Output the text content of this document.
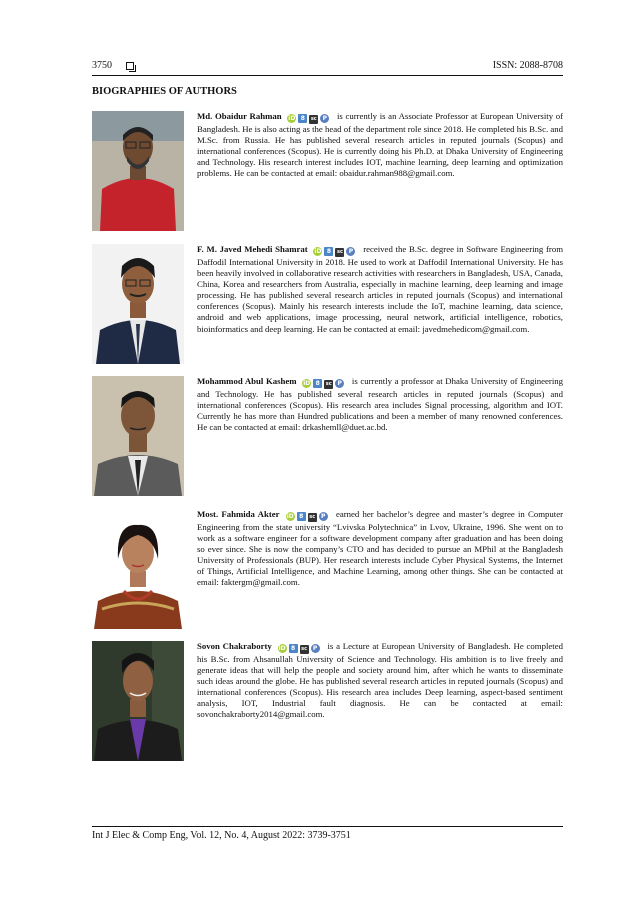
3750	ISSN: 2088-8708
BIOGRAPHIES OF AUTHORS
Md. Obaidur Rahman iD 8 sc P is currently is an Associate Professor at European University of Bangladesh. He is also acting as the head of the department role since 2018. He completed his B.Sc. and M.Sc. from Russia. He has published several research articles in reputed journals (Scopus) and international conferences (Scopus). He is currently doing his Ph.D. at Dhaka University of Engineering and Technology. His research interest includes IOT, machine learning, deep learning and optimization problems. He can be contacted at email: obaidur.rahman988@gmail.com.
F. M. Javed Mehedi Shamrat iD 8 sc P received the B.Sc. degree in Software Engineering from Daffodil International University in 2018. He used to work at Daffodil International University. He has been heavily involved in collaborative research activities with researchers in Bangladesh, USA, Canada, China, Korea and researchers from Australia, especially in machine learning, deep learning and image processing. He has published several research articles in reputed journals (Scopus) and international conferences (Scopus). Mainly his research interests include the IoT, machine learning, data science, android and web applications, image processing, neural network, artificial intelligence, robotics, bioinformatics and deep learning. He can be contacted at email: javedmehedicom@gmail.com.
Mohammod Abul Kashem iD 8 sc P is currently a professor at Dhaka University of Engineering and Technology. He has published several research articles in reputed journals (Scopus) and international conferences (Scopus). His research area includes Signal processing, algorithm and IOT. Currently he has more than Hundred publications and been a member of many renowned conferences. He can be contacted at email: drkashemll@duet.ac.bd.
Most. Fahmida Akter iD 8 sc P earned her bachelor’s degree and master’s degree in Computer Engineering from the state university “Lvivska Polytechnica” in Lvov, Ukraine, 1996. She went on to work as a software engineer for a software development company after graduation and has been doing so ever since. She is now the company’s CTO and has decided to pursue an MPhil at the Bangladesh University of Professionals (BUP). Her research interests include Cyber Physical Systems, the Internet of Things, Artificial Intelligence, and Machine Learning, among other things. She can be contacted at email: faktergm@gmail.com.
Sovon Chakraborty iD 8 sc P is a Lecture at European University of Bangladesh. He completed his B.Sc. from Ahsanullah University of Science and Technology. His ambition is to live freely and generate ideas that will help the people and society around him, after which he wants to disseminate such ideas around the globe. He has published several research articles in reputed journals (Scopus) and international conferences (Scopus). His research area includes Deep learning, aspect-based sentiment analysis, IOT, Industrial fault diagnosis. He can be contacted at email: sovonchakraborty2014@gmail.com.
Int J Elec & Comp Eng, Vol. 12, No. 4, August 2022: 3739-3751
